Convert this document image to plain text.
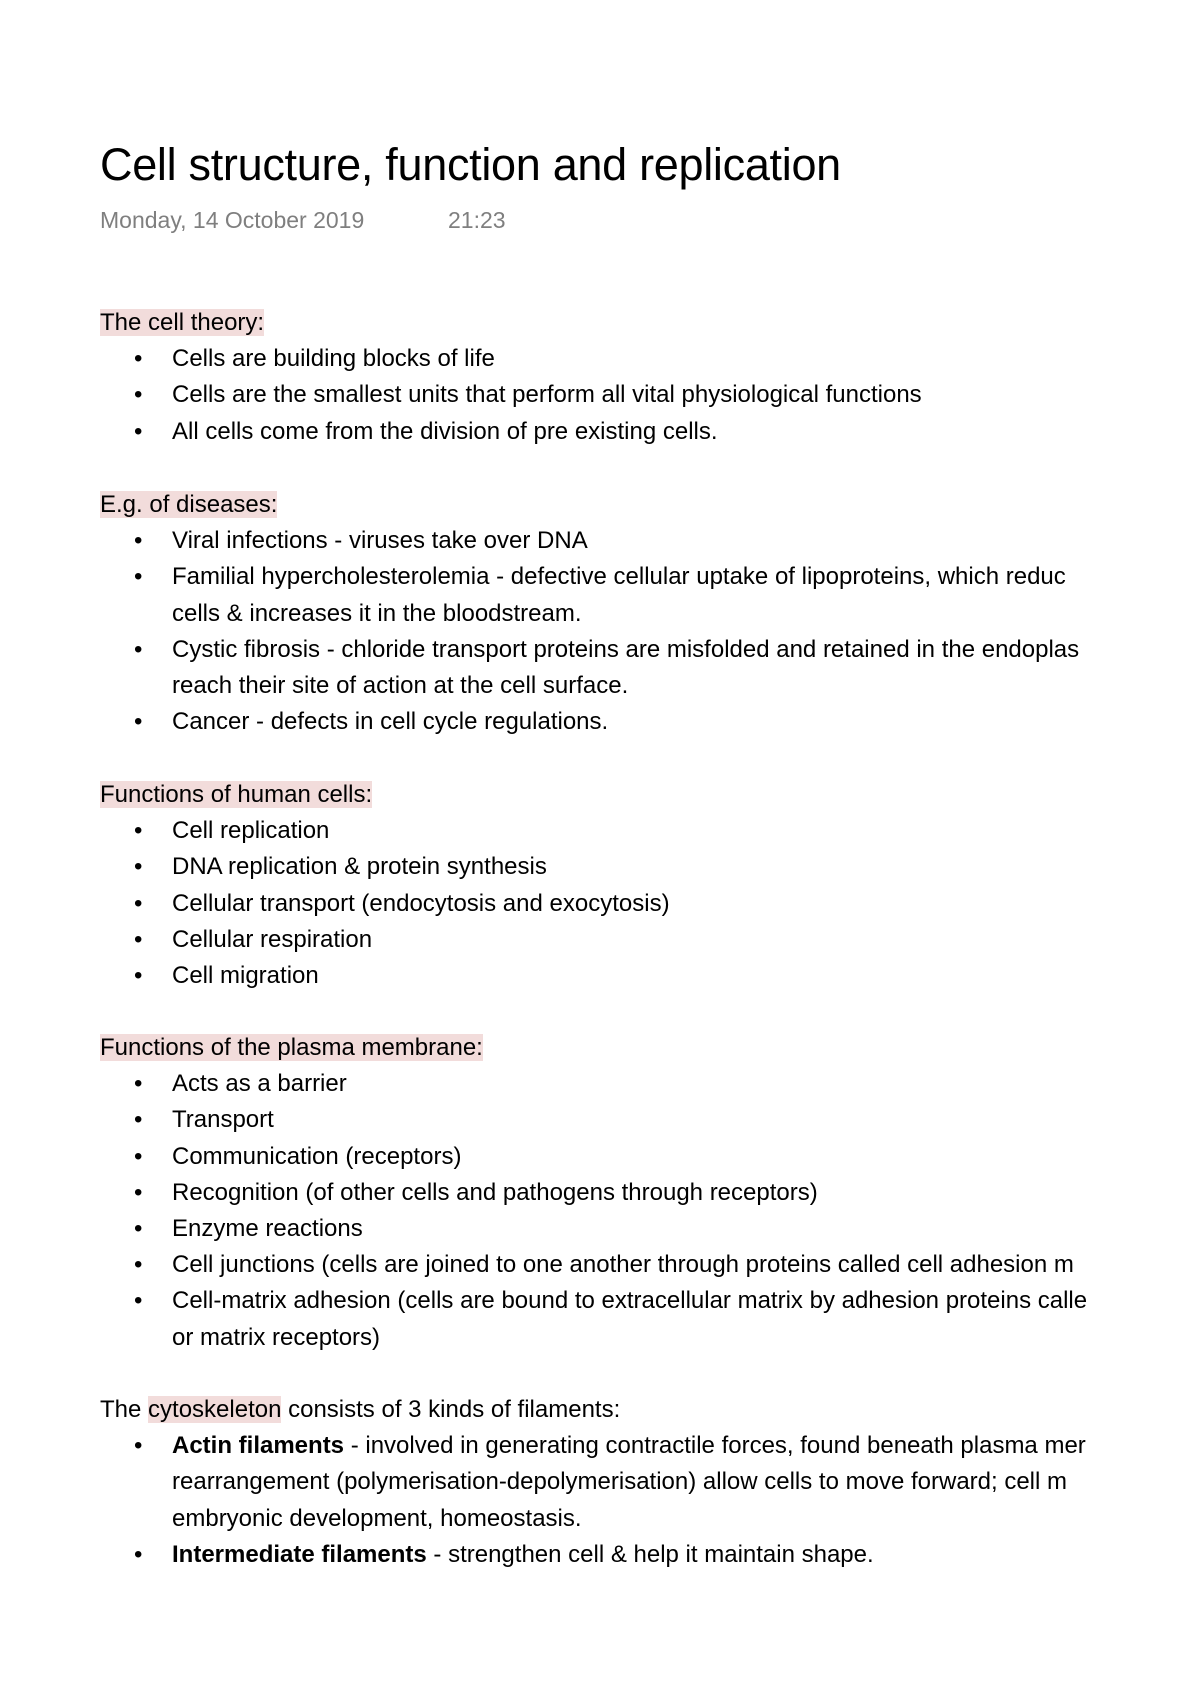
Cell structure, function and replication
Monday, 14 October 2019	21:23
The cell theory:
• Cells are building blocks of life
• Cells are the smallest units that perform all vital physiological functions
• All cells come from the division of pre existing cells.
E.g. of diseases:
• Viral infections - viruses take over DNA
• Familial hypercholesterolemia - defective cellular uptake of lipoproteins, which reduc
cells & increases it in the bloodstream.
• Cystic fibrosis - chloride transport proteins are misfolded and retained in the endoplas
reach their site of action at the cell surface.
• Cancer - defects in cell cycle regulations.
Functions of human cells:
• Cell replication
• DNA replication & protein synthesis
• Cellular transport (endocytosis and exocytosis)
• Cellular respiration
• Cell migration
Functions of the plasma membrane:
• Acts as a barrier
• Transport
• Communication (receptors)
• Recognition (of other cells and pathogens through receptors)
• Enzyme reactions
• Cell junctions (cells are joined to one another through proteins called cell adhesion m
• Cell-matrix adhesion (cells are bound to extracellular matrix by adhesion proteins calle
or matrix receptors)
The cytoskeleton consists of 3 kinds of filaments:
• Actin filaments - involved in generating contractile forces, found beneath plasma mer
rearrangement (polymerisation-depolymerisation) allow cells to move forward; cell m
embryonic development, homeostasis.
• Intermediate filaments - strengthen cell & help it maintain shape.
